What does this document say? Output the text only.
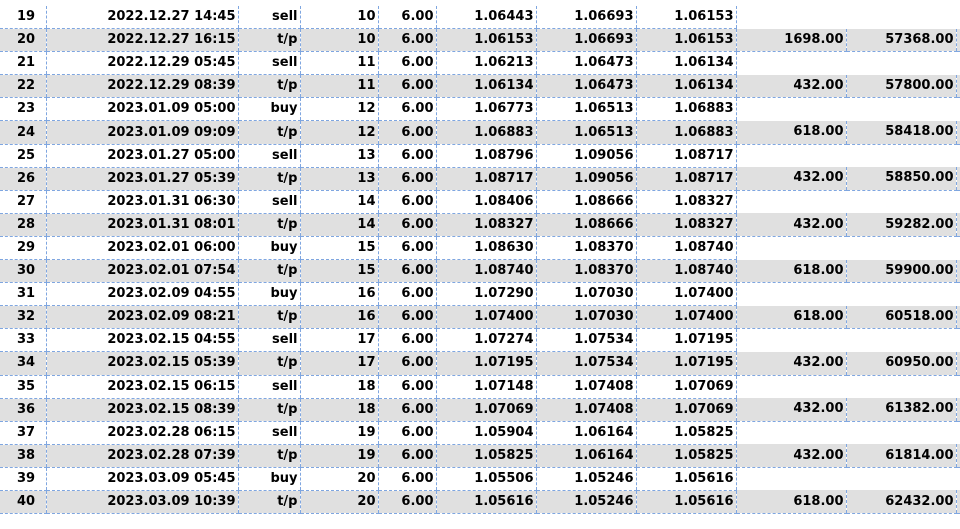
19	2022.12.27 14:45	sell	10	6.00	1.06443	1.06693	1.06153			
20	2022.12.27 16:15	t/p	10	6.00	1.06153	1.06693	1.06153	1698.00	57368.00	
21	2022.12.29 05:45	sell	11	6.00	1.06213	1.06473	1.06134			
22	2022.12.29 08:39	t/p	11	6.00	1.06134	1.06473	1.06134	432.00	57800.00	
23	2023.01.09 05:00	buy	12	6.00	1.06773	1.06513	1.06883			
24	2023.01.09 09:09	t/p	12	6.00	1.06883	1.06513	1.06883	618.00	58418.00	
25	2023.01.27 05:00	sell	13	6.00	1.08796	1.09056	1.08717			
26	2023.01.27 05:39	t/p	13	6.00	1.08717	1.09056	1.08717	432.00	58850.00	
27	2023.01.31 06:30	sell	14	6.00	1.08406	1.08666	1.08327			
28	2023.01.31 08:01	t/p	14	6.00	1.08327	1.08666	1.08327	432.00	59282.00	
29	2023.02.01 06:00	buy	15	6.00	1.08630	1.08370	1.08740			
30	2023.02.01 07:54	t/p	15	6.00	1.08740	1.08370	1.08740	618.00	59900.00	
31	2023.02.09 04:55	buy	16	6.00	1.07290	1.07030	1.07400			
32	2023.02.09 08:21	t/p	16	6.00	1.07400	1.07030	1.07400	618.00	60518.00	
33	2023.02.15 04:55	sell	17	6.00	1.07274	1.07534	1.07195			
34	2023.02.15 05:39	t/p	17	6.00	1.07195	1.07534	1.07195	432.00	60950.00	
35	2023.02.15 06:15	sell	18	6.00	1.07148	1.07408	1.07069			
36	2023.02.15 08:39	t/p	18	6.00	1.07069	1.07408	1.07069	432.00	61382.00	
37	2023.02.28 06:15	sell	19	6.00	1.05904	1.06164	1.05825			
38	2023.02.28 07:39	t/p	19	6.00	1.05825	1.06164	1.05825	432.00	61814.00	
39	2023.03.09 05:45	buy	20	6.00	1.05506	1.05246	1.05616			
40	2023.03.09 10:39	t/p	20	6.00	1.05616	1.05246	1.05616	618.00	62432.00	
